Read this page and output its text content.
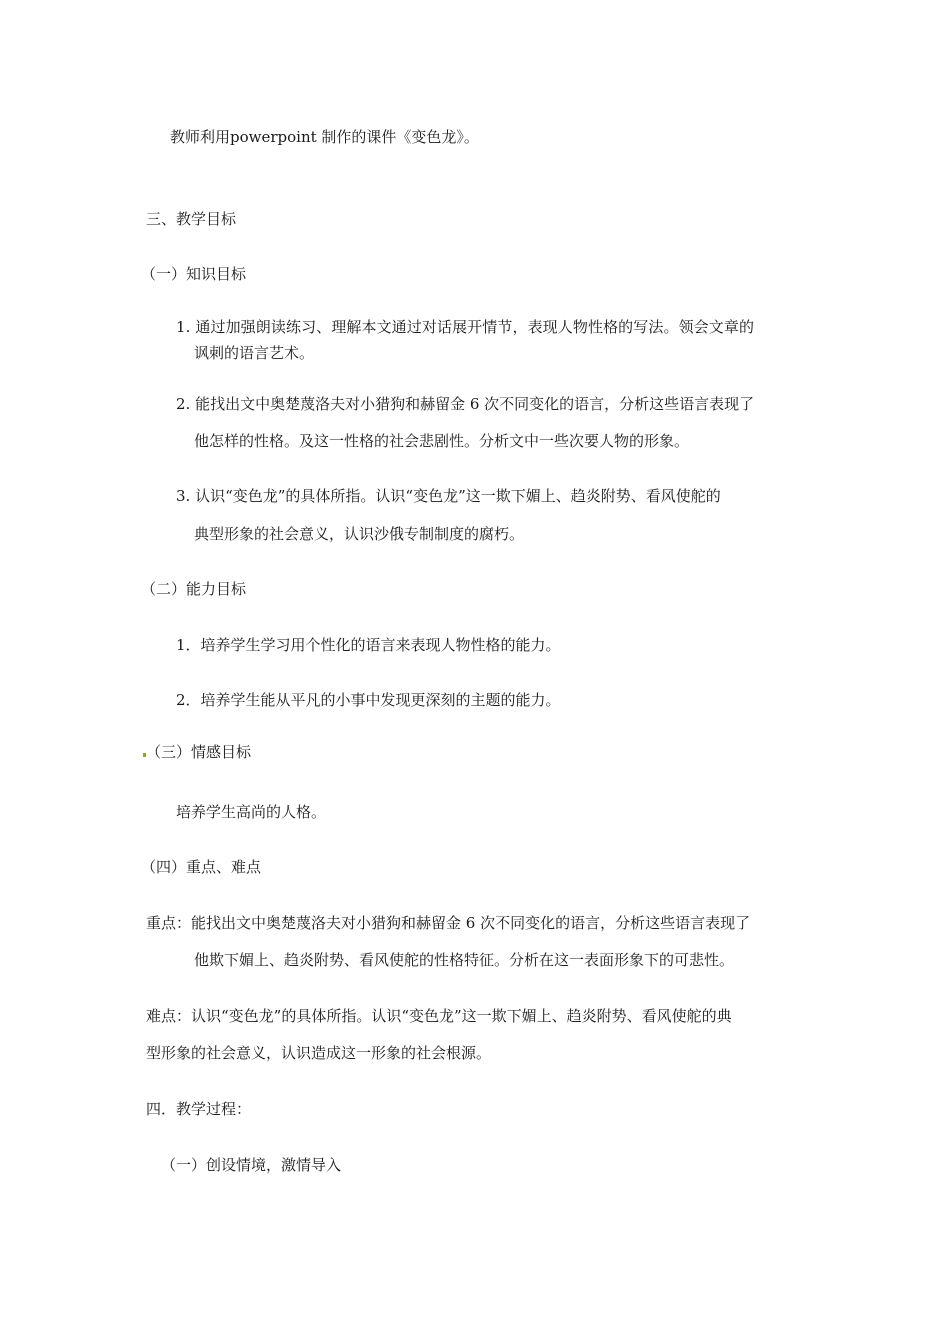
教师利用powerpoint 制作的课件《变色龙》。
三、教学目标
（一）知识目标
1. 通过加强朗读练习、理解本文通过对话展开情节，表现人物性格的写法。领会文章的
讽刺的语言艺术。
2. 能找出文中奥楚蔑洛夫对小猎狗和赫留金 6 次不同变化的语言，分析这些语言表现了
他怎样的性格。及这一性格的社会悲剧性。分析文中一些次要人物的形象。
3. 认识“变色龙”的具体所指。认识“变色龙”这一欺下媚上、趋炎附势、看风使舵的
典型形象的社会意义，认识沙俄专制制度的腐朽。
（二）能力目标
1．培养学生学习用个性化的语言来表现人物性格的能力。
2．培养学生能从平凡的小事中发现更深刻的主题的能力。
（三）情感目标
培养学生高尚的人格。
（四）重点、难点
重点：能找出文中奥楚蔑洛夫对小猎狗和赫留金 6 次不同变化的语言，分析这些语言表现了
他欺下媚上、趋炎附势、看风使舵的性格特征。分析在这一表面形象下的可悲性。
难点：认识“变色龙”的具体所指。认识“变色龙”这一欺下媚上、趋炎附势、看风使舵的典
型形象的社会意义，认识造成这一形象的社会根源。
四．教学过程：
（一）创设情境，激情导入
